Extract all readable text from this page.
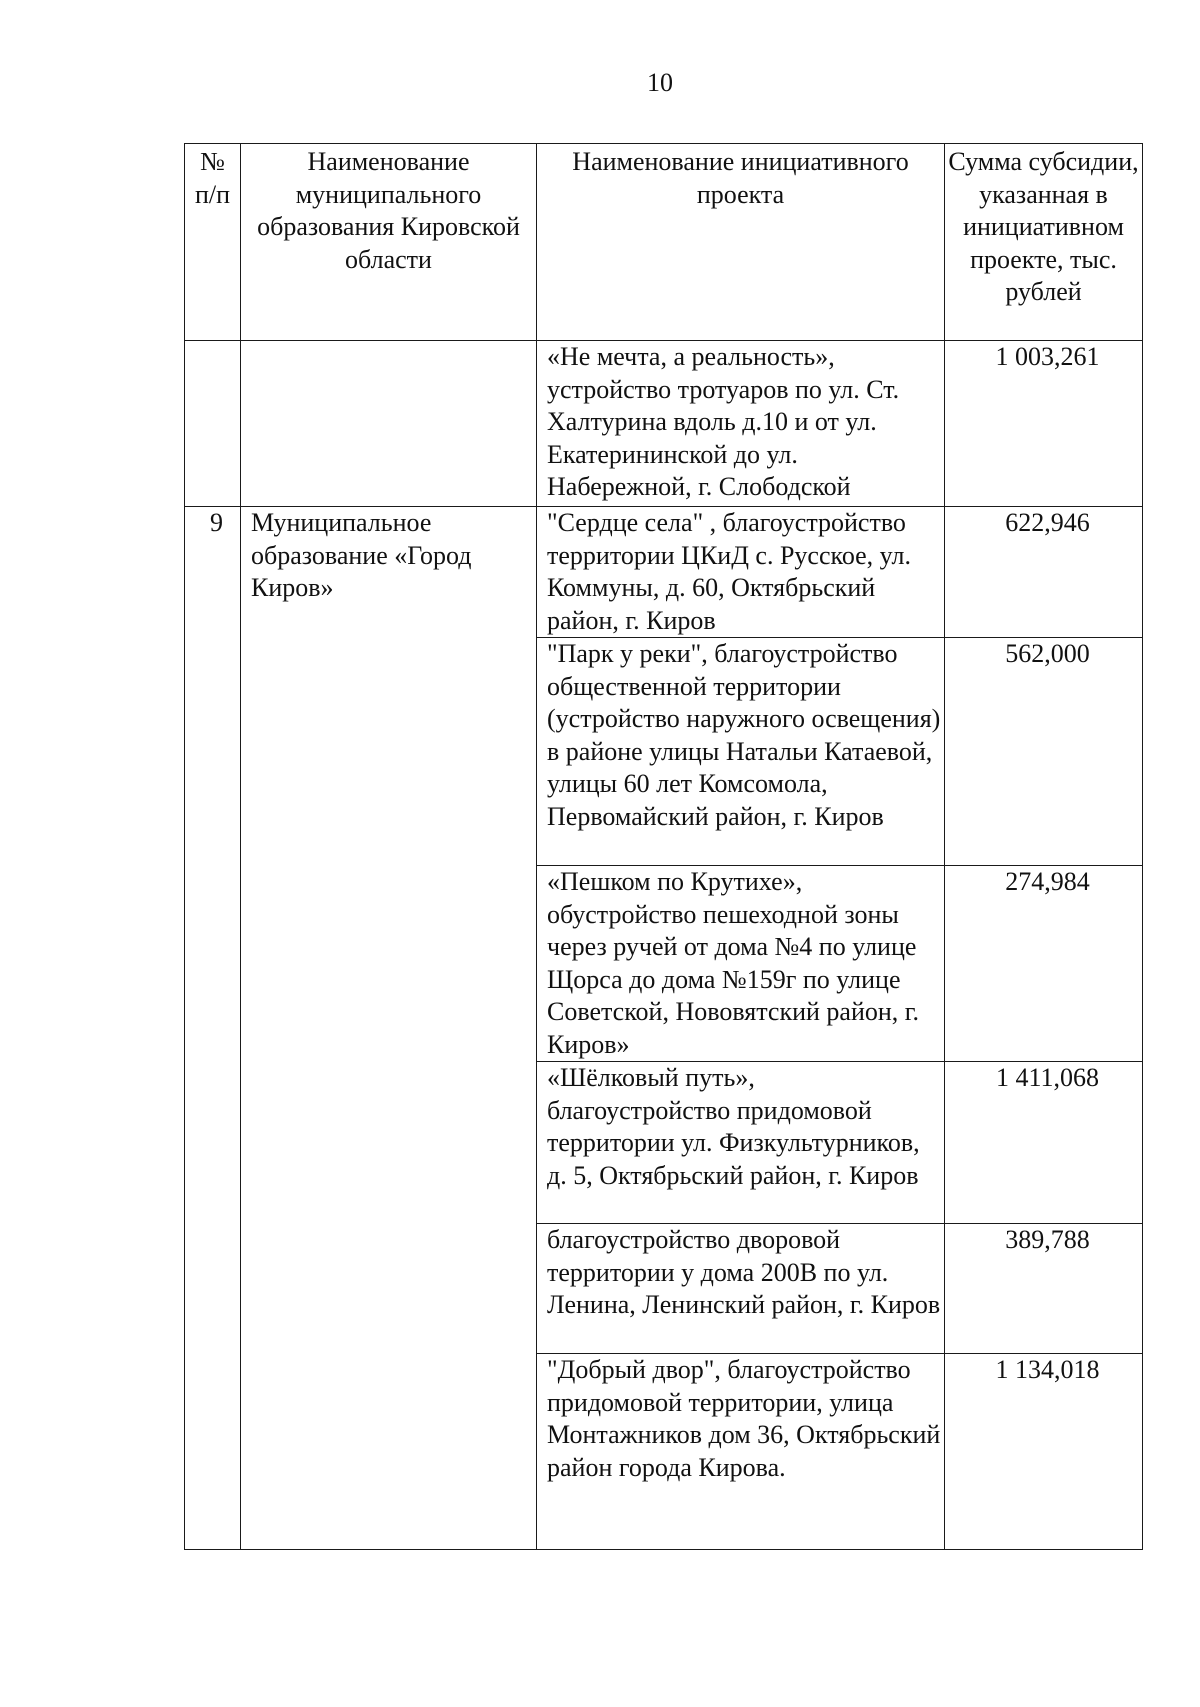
10
№ п/п	Наименование муниципального образования Кировской области	Наименование инициативного проекта	Сумма субсидии, указанная в инициативном проекте, тыс. рублей
		«Не мечта, а реальность», устройство тротуаров по ул. Ст. Халтурина вдоль д.10 и от ул. Екатерининской до ул. Набережной, г. Слободской	1 003,261
9	Муниципальное образование «Город Киров»	"Сердце села" , благоустройство территории ЦКиД с. Русское, ул. Коммуны, д. 60, Октябрьский район, г. Киров	622,946
		"Парк у реки", благоустройство общественной территории (устройство наружного освещения) в районе улицы Натальи Катаевой, улицы 60 лет Комсомола, Первомайский район, г. Киров	562,000
		«Пешком по Крутихе», обустройство пешеходной зоны через ручей от дома №4 по улице Щорса до дома №159г по улице Советской, Нововятский район, г. Киров»	274,984
		«Шёлковый путь», благоустройство придомовой территории ул. Физкультурников, д. 5, Октябрьский район, г. Киров	1 411,068
		благоустройство дворовой территории у дома 200В по ул. Ленина, Ленинский район, г. Киров	389,788
		"Добрый двор", благоустройство придомовой территории, улица Монтажников дом 36, Октябрьский район города Кирова.	1 134,018
